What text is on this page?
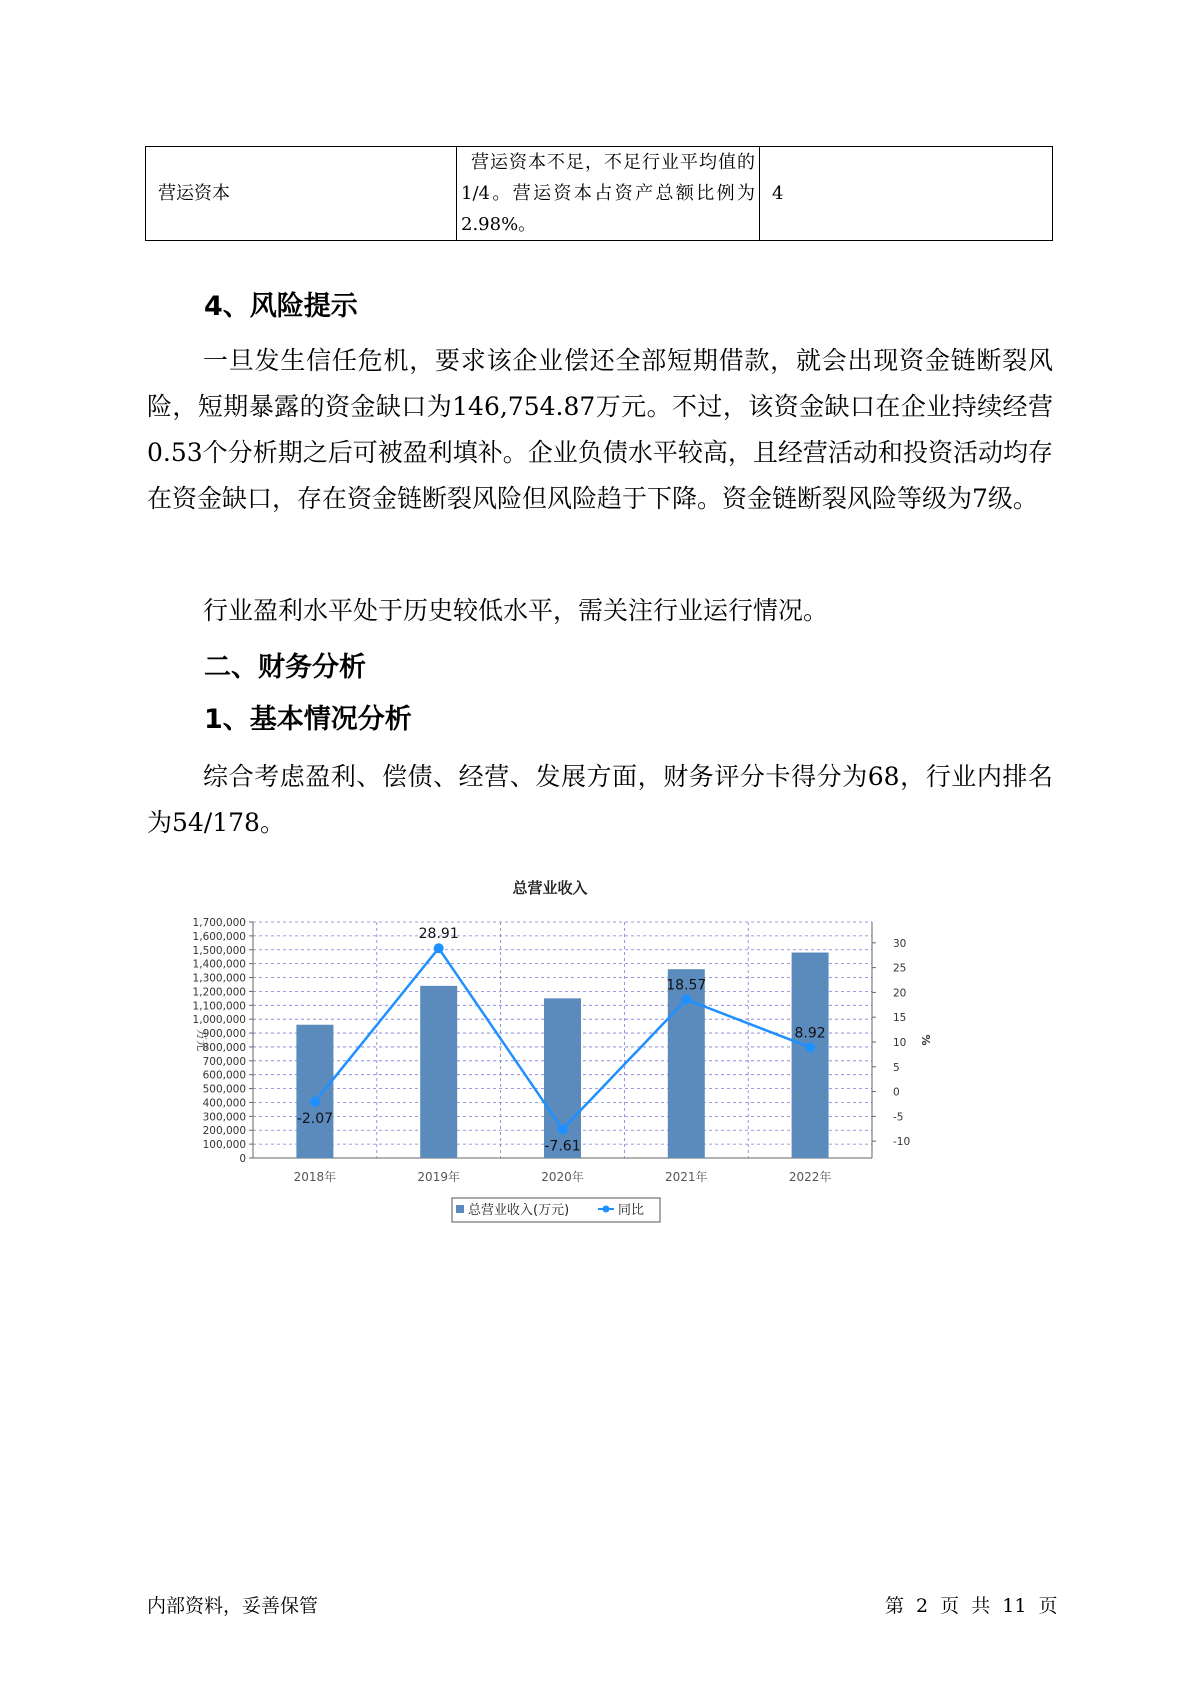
营运资本	营运资本不足，不足行业平均值的1/4。营运资本占资产总额比例为2.98%。	4
4、风险提示

一旦发生信任危机，要求该企业偿还全部短期借款，就会出现资金链断裂风险，短期暴露的资金缺口为146,754.87万元。不过，该资金缺口在企业持续经营 0.53个分析期之后可被盈利填补。企业负债水平较高，且经营活动和投资活动均存在资金缺口，存在资金链断裂风险但风险趋于下降。资金链断裂风险等级为7级。

行业盈利水平处于历史较低水平，需关注行业运行情况。

二、财务分析
1、基本情况分析

综合考虑盈利、偿债、经营、发展方面，财务评分卡得分为68，行业内排名为54/178。

总营业收入
0
100,000
200,000
300,000
400,000
500,000
600,000
700,000
800,000
900,000
1,000,000
1,100,000
1,200,000
1,300,000
1,400,000
1,500,000
1,600,000
1,700,000
-10
-5
0
5
10
15
20
25
30
万元	%
2018年	2019年	2020年	2021年	2022年
-2.07
28.91
-7.61
18.57
8.92
总营业收入(万元)	同比
内部资料，妥善保管	第 2 页 共 11 页
